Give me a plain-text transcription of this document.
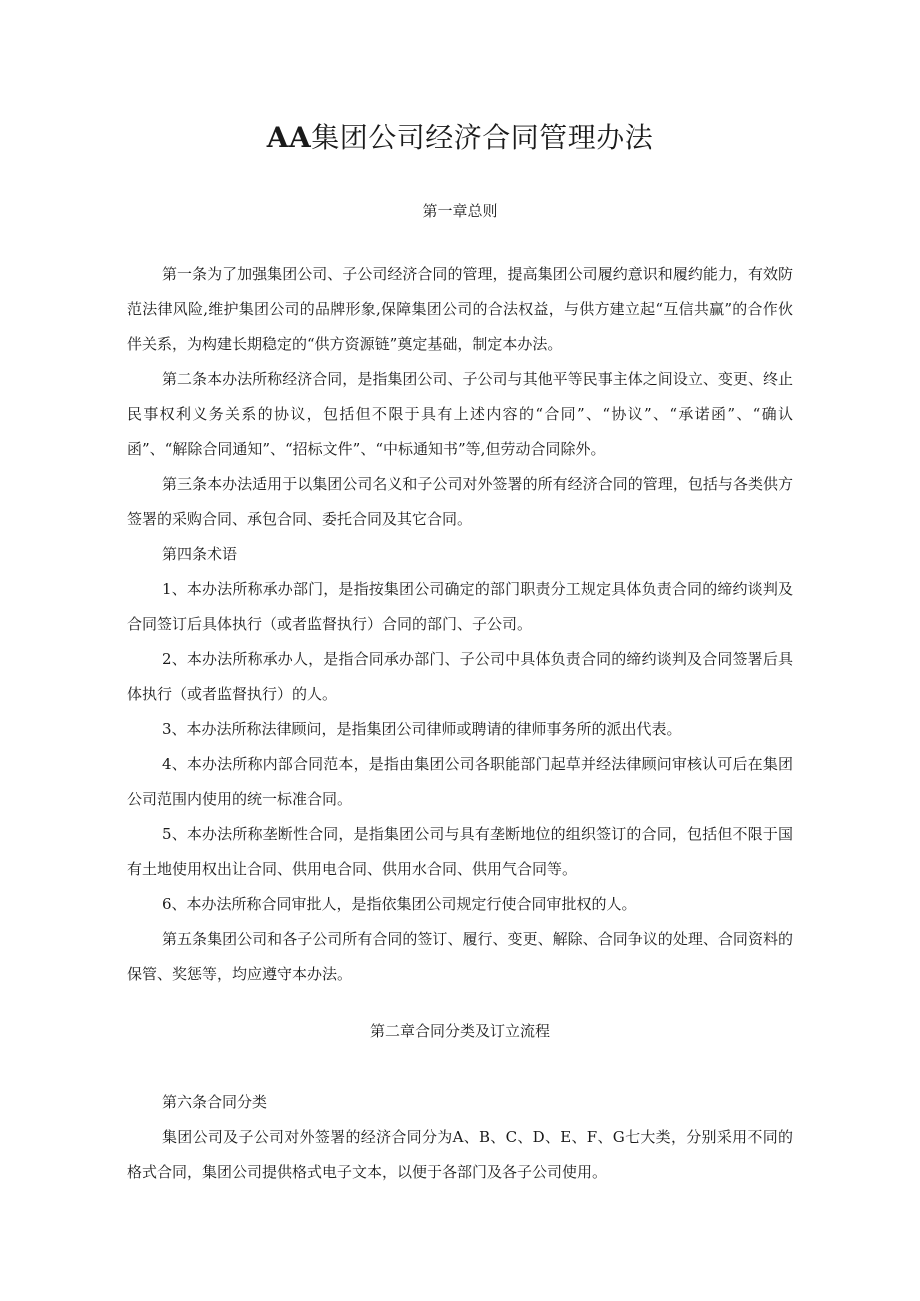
AA集团公司经济合同管理办法

第一章总则

第一条为了加强集团公司、子公司经济合同的管理，提高集团公司履约意识和履约能力，有效防范法律风险,维护集团公司的品牌形象,保障集团公司的合法权益，与供方建立起“互信共赢”的合作伙伴关系，为构建长期稳定的“供方资源链”奠定基础，制定本办法。

第二条本办法所称经济合同，是指集团公司、子公司与其他平等民事主体之间设立、变更、终止民事权利义务关系的协议，包括但不限于具有上述内容的“合同”、“协议”、“承诺函”、“确认函”、“解除合同通知”、“招标文件”、“中标通知书”等,但劳动合同除外。

第三条本办法适用于以集团公司名义和子公司对外签署的所有经济合同的管理，包括与各类供方签署的采购合同、承包合同、委托合同及其它合同。

第四条术语

1、本办法所称承办部门，是指按集团公司确定的部门职责分工规定具体负责合同的缔约谈判及合同签订后具体执行（或者监督执行）合同的部门、子公司。

2、本办法所称承办人，是指合同承办部门、子公司中具体负责合同的缔约谈判及合同签署后具体执行（或者监督执行）的人。

3、本办法所称法律顾问，是指集团公司律师或聘请的律师事务所的派出代表。

4、本办法所称内部合同范本，是指由集团公司各职能部门起草并经法律顾问审核认可后在集团公司范围内使用的统一标准合同。

5、本办法所称垄断性合同，是指集团公司与具有垄断地位的组织签订的合同，包括但不限于国有土地使用权出让合同、供用电合同、供用水合同、供用气合同等。

6、本办法所称合同审批人，是指依集团公司规定行使合同审批权的人。

第五条集团公司和各子公司所有合同的签订、履行、变更、解除、合同争议的处理、合同资料的保管、奖惩等，均应遵守本办法。

第二章合同分类及订立流程

第六条合同分类

集团公司及子公司对外签署的经济合同分为A、B、C、D、E、F、G七大类，分别采用不同的格式合同，集团公司提供格式电子文本，以便于各部门及各子公司使用。
